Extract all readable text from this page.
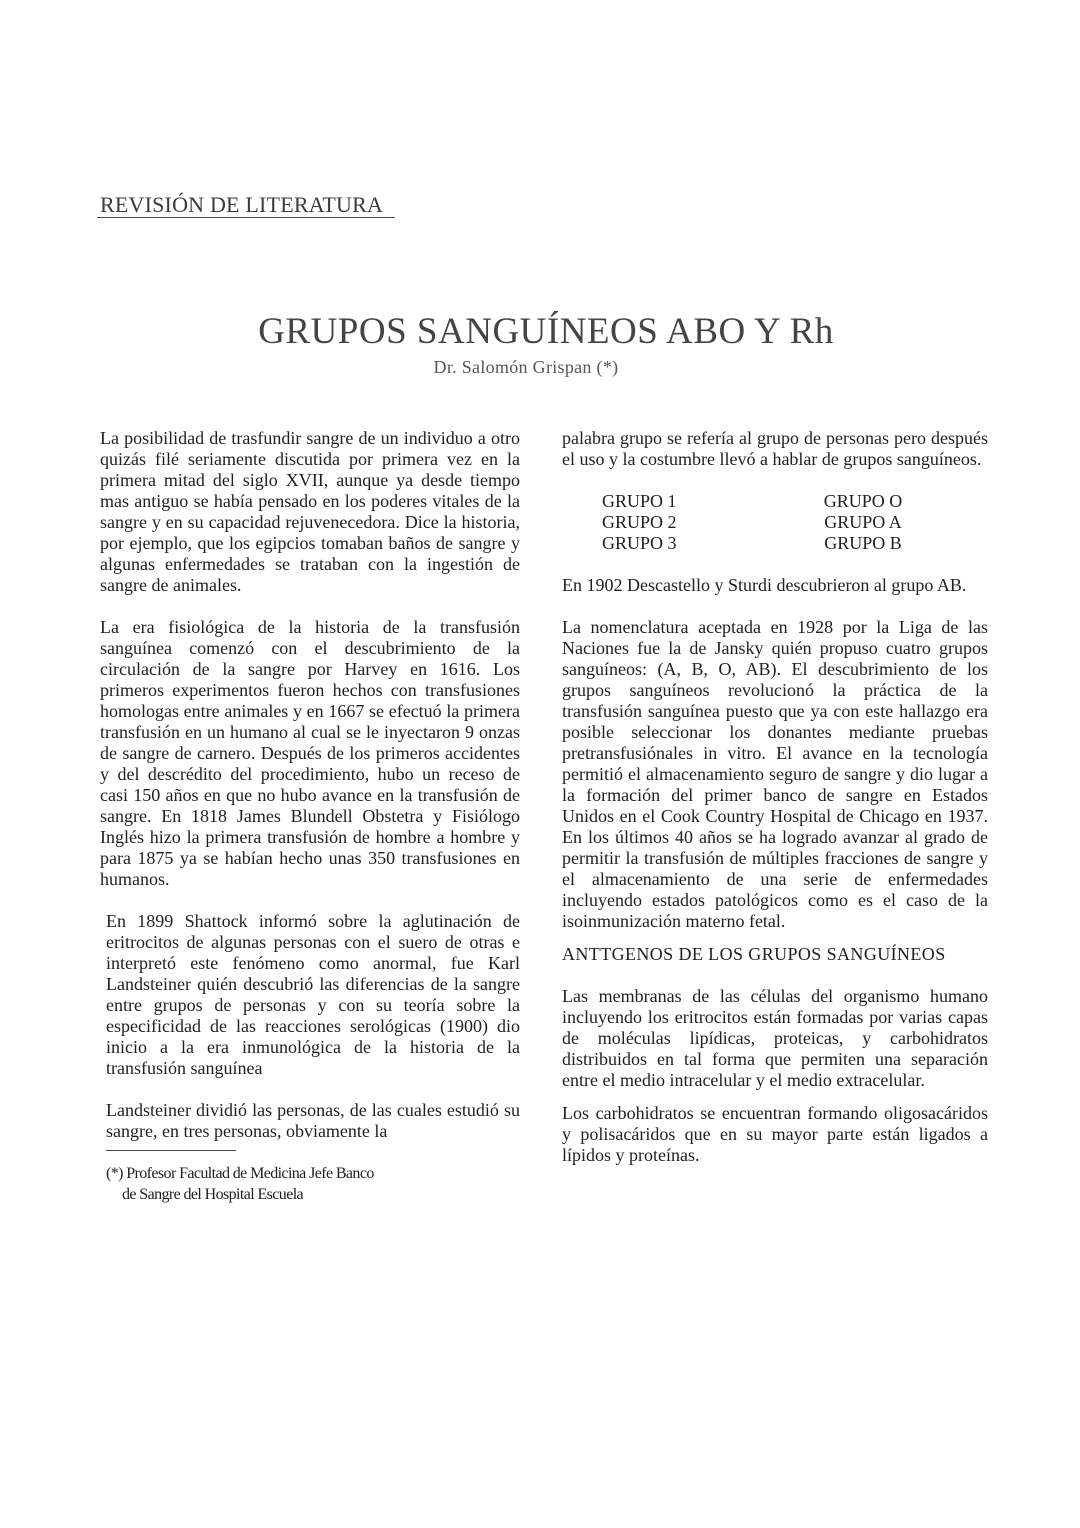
REVISIÓN DE LITERATURA
GRUPOS SANGUÍNEOS ABO Y Rh
Dr. Salomón Grispan (*)

La posibilidad de trasfundir sangre de un individuo a otro quizás filé seriamente discutida por primera vez en la primera mitad del siglo XVII, aunque ya desde tiempo mas antiguo se había pensado en los poderes vitales de la sangre y en su capacidad rejuvenecedora. Dice la historia, por ejemplo, que los egipcios tomaban baños de sangre y algunas enfermedades se trataban con la ingestión de sangre de animales.

La era fisiológica de la historia de la transfusión sanguínea comenzó con el descubrimiento de la circulación de la sangre por Harvey en 1616. Los primeros experimentos fueron hechos con transfusiones homologas entre animales y en 1667 se efectuó la primera transfusión en un humano al cual se le inyectaron 9 onzas de sangre de carnero. Después de los primeros accidentes y del descrédito del procedimiento, hubo un receso de casi 150 años en que no hubo avance en la transfusión de sangre. En 1818 James Blundell Obstetra y Fisiólogo Inglés hizo la primera transfusión de hombre a hombre y para 1875 ya se habían hecho unas 350 transfusiones en humanos.

En 1899 Shattock informó sobre la aglutinación de eritrocitos de algunas personas con el suero de otras e interpretó este fenómeno como anormal, fue Karl Landsteiner quién descubrió las diferencias de la sangre entre grupos de personas y con su teoría sobre la especificidad de las reacciones serológicas (1900) dio inicio a la era inmunológica de la historia de la transfusión sanguínea

Landsteiner dividió las personas, de las cuales estudió su sangre, en tres personas, obviamente la

(*) Profesor Facultad de Medicina Jefe Banco
de Sangre del Hospital Escuela

palabra grupo se refería al grupo de personas pero después el uso y la costumbre llevó a hablar de grupos sanguíneos.

GRUPO 1	GRUPO O
GRUPO 2	GRUPO A
GRUPO 3	GRUPO B

En 1902 Descastello y Sturdi descubrieron al grupo AB.

La nomenclatura aceptada en 1928 por la Liga de las Naciones fue la de Jansky quién propuso cuatro grupos sanguíneos: (A, B, O, AB). El descubrimiento de los grupos sanguíneos revolucionó la práctica de la transfusión sanguínea puesto que ya con este hallazgo era posible seleccionar los donantes mediante pruebas pretransfusiónales in vitro. El avance en la tecnología permitió el almacenamiento seguro de sangre y dio lugar a la formación del primer banco de sangre en Estados Unidos en el Cook Country Hospital de Chicago en 1937. En los últimos 40 años se ha logrado avanzar al grado de permitir la transfusión de múltiples fracciones de sangre y el almacenamiento de una serie de enfermedades incluyendo estados patológicos como es el caso de la isoinmunización materno fetal.

ANTTGENOS DE LOS GRUPOS SANGUÍNEOS

Las membranas de las células del organismo humano incluyendo los eritrocitos están formadas por varias capas de moléculas lipídicas, proteicas, y carbohidratos distribuidos en tal forma que permiten una separación entre el medio intracelular y el medio extracelular.

Los carbohidratos se encuentran formando oligosacáridos y polisacáridos que en su mayor parte están ligados a lípidos y proteínas.
